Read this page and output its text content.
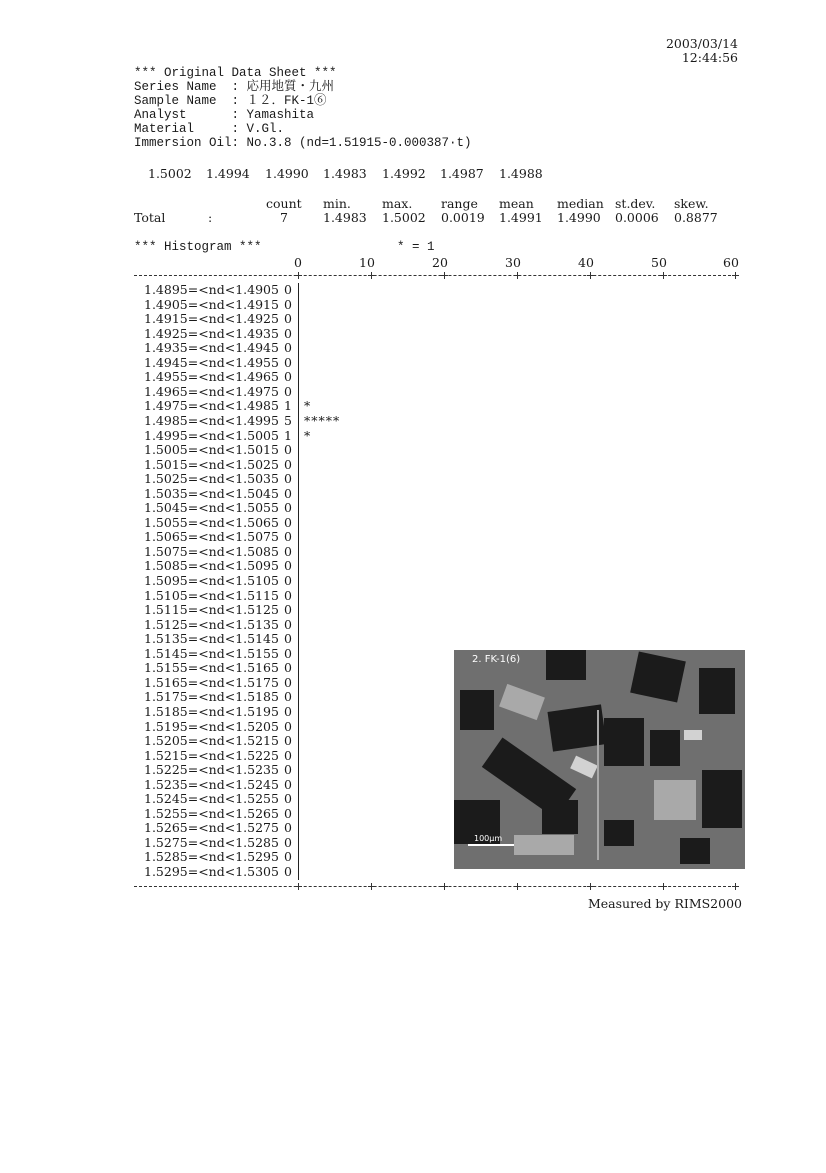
2003/03/14
12:44:56
*** Original Data Sheet ***
Series Name  : 応用地質・九州
Sample Name  : １２．FK-1⑥
Analyst      : Yamashita
Material     : V.Gl.
Immersion Oil: No.3.8 (nd=1.51915-0.000387·t)
1.5002 1.4994 1.4990 1.4983 1.4992 1.4987 1.4988
count min. max. range mean median st.dev. skew.
Total	:	7	1.4983 1.5002 0.0019 1.4991 1.4990 0.0006 0.8877
*** Histogram ***	* = 1
0	10	20	30	40	50	60
1.4895=<nd<1.4905 0
1.4905=<nd<1.4915 0
1.4915=<nd<1.4925 0
1.4925=<nd<1.4935 0
1.4935=<nd<1.4945 0
1.4945=<nd<1.4955 0
1.4955=<nd<1.4965 0
1.4965=<nd<1.4975 0
1.4975=<nd<1.4985 1 *
1.4985=<nd<1.4995 5 *****
1.4995=<nd<1.5005 1 *
1.5005=<nd<1.5015 0
1.5015=<nd<1.5025 0
1.5025=<nd<1.5035 0
1.5035=<nd<1.5045 0
1.5045=<nd<1.5055 0
1.5055=<nd<1.5065 0
1.5065=<nd<1.5075 0
1.5075=<nd<1.5085 0
1.5085=<nd<1.5095 0
1.5095=<nd<1.5105 0
1.5105=<nd<1.5115 0
1.5115=<nd<1.5125 0
1.5125=<nd<1.5135 0
1.5135=<nd<1.5145 0
1.5145=<nd<1.5155 0
1.5155=<nd<1.5165 0
1.5165=<nd<1.5175 0
1.5175=<nd<1.5185 0
1.5185=<nd<1.5195 0
1.5195=<nd<1.5205 0
1.5205=<nd<1.5215 0
1.5215=<nd<1.5225 0
1.5225=<nd<1.5235 0
1.5235=<nd<1.5245 0
1.5245=<nd<1.5255 0
1.5255=<nd<1.5265 0
1.5265=<nd<1.5275 0
1.5275=<nd<1.5285 0
1.5285=<nd<1.5295 0
1.5295=<nd<1.5305 0
2. FK-1(6)
100μm
Measured by RIMS2000
